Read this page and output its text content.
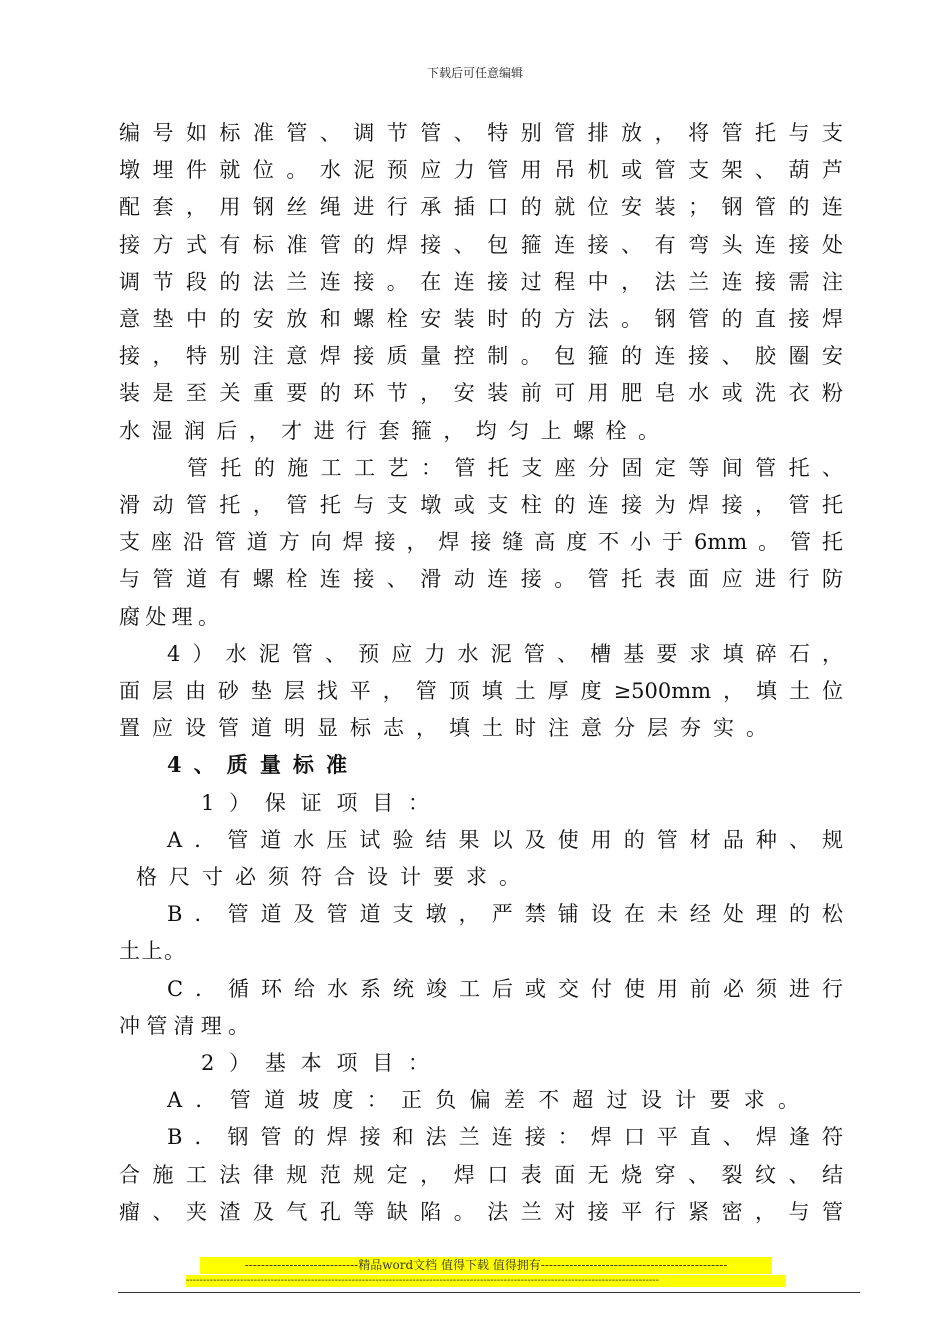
下载后可任意编辑
编号如标准管、调节管、特别管排放，将管托与支
墩埋件就位。水泥预应力管用吊机或管支架、葫芦
配套，用钢丝绳进行承插口的就位安装；钢管的连
接方式有标准管的焊接、包箍连接、有弯头连接处
调节段的法兰连接。在连接过程中，法兰连接需注
意垫中的安放和螺栓安装时的方法。钢管的直接焊
接，特别注意焊接质量控制。包箍的连接、胶圈安
装是至关重要的环节，安装前可用肥皂水或洗衣粉
水湿润后，才进行套箍，均匀上螺栓。
管托的施工工艺：管托支座分固定等间管托、
滑动管托，管托与支墩或支柱的连接为焊接，管托
支座沿管道方向焊接，焊接缝高度不小于6mm。管托
与管道有螺栓连接、滑动连接。管托表面应进行防
腐处理。
4）水泥管、预应力水泥管、槽基要求填碎石，
面层由砂垫层找平，管顶填土厚度≥500mm，填土位
置应设管道明显标志，填土时注意分层夯实。
4、质量标准
1）保证项目：
A．管道水压试验结果以及使用的管材品种、规
格尺寸必须符合设计要求。
B．管道及管道支墩，严禁铺设在未经处理的松
土上。
C．循环给水系统竣工后或交付使用前必须进行
冲管清理。
2）基本项目：
A．管道坡度：正负偏差不超过设计要求。
B．钢管的焊接和法兰连接：焊口平直、焊逢符
合施工法律规范规定，焊口表面无烧穿、裂纹、结
瘤、夹渣及气孔等缺陷。法兰对接平行紧密，与管
----------------------------精品word文档 值得下载 值得拥有----------------------------------------------
--------------------------------------------------------------------------------------------------------------------------------------------
